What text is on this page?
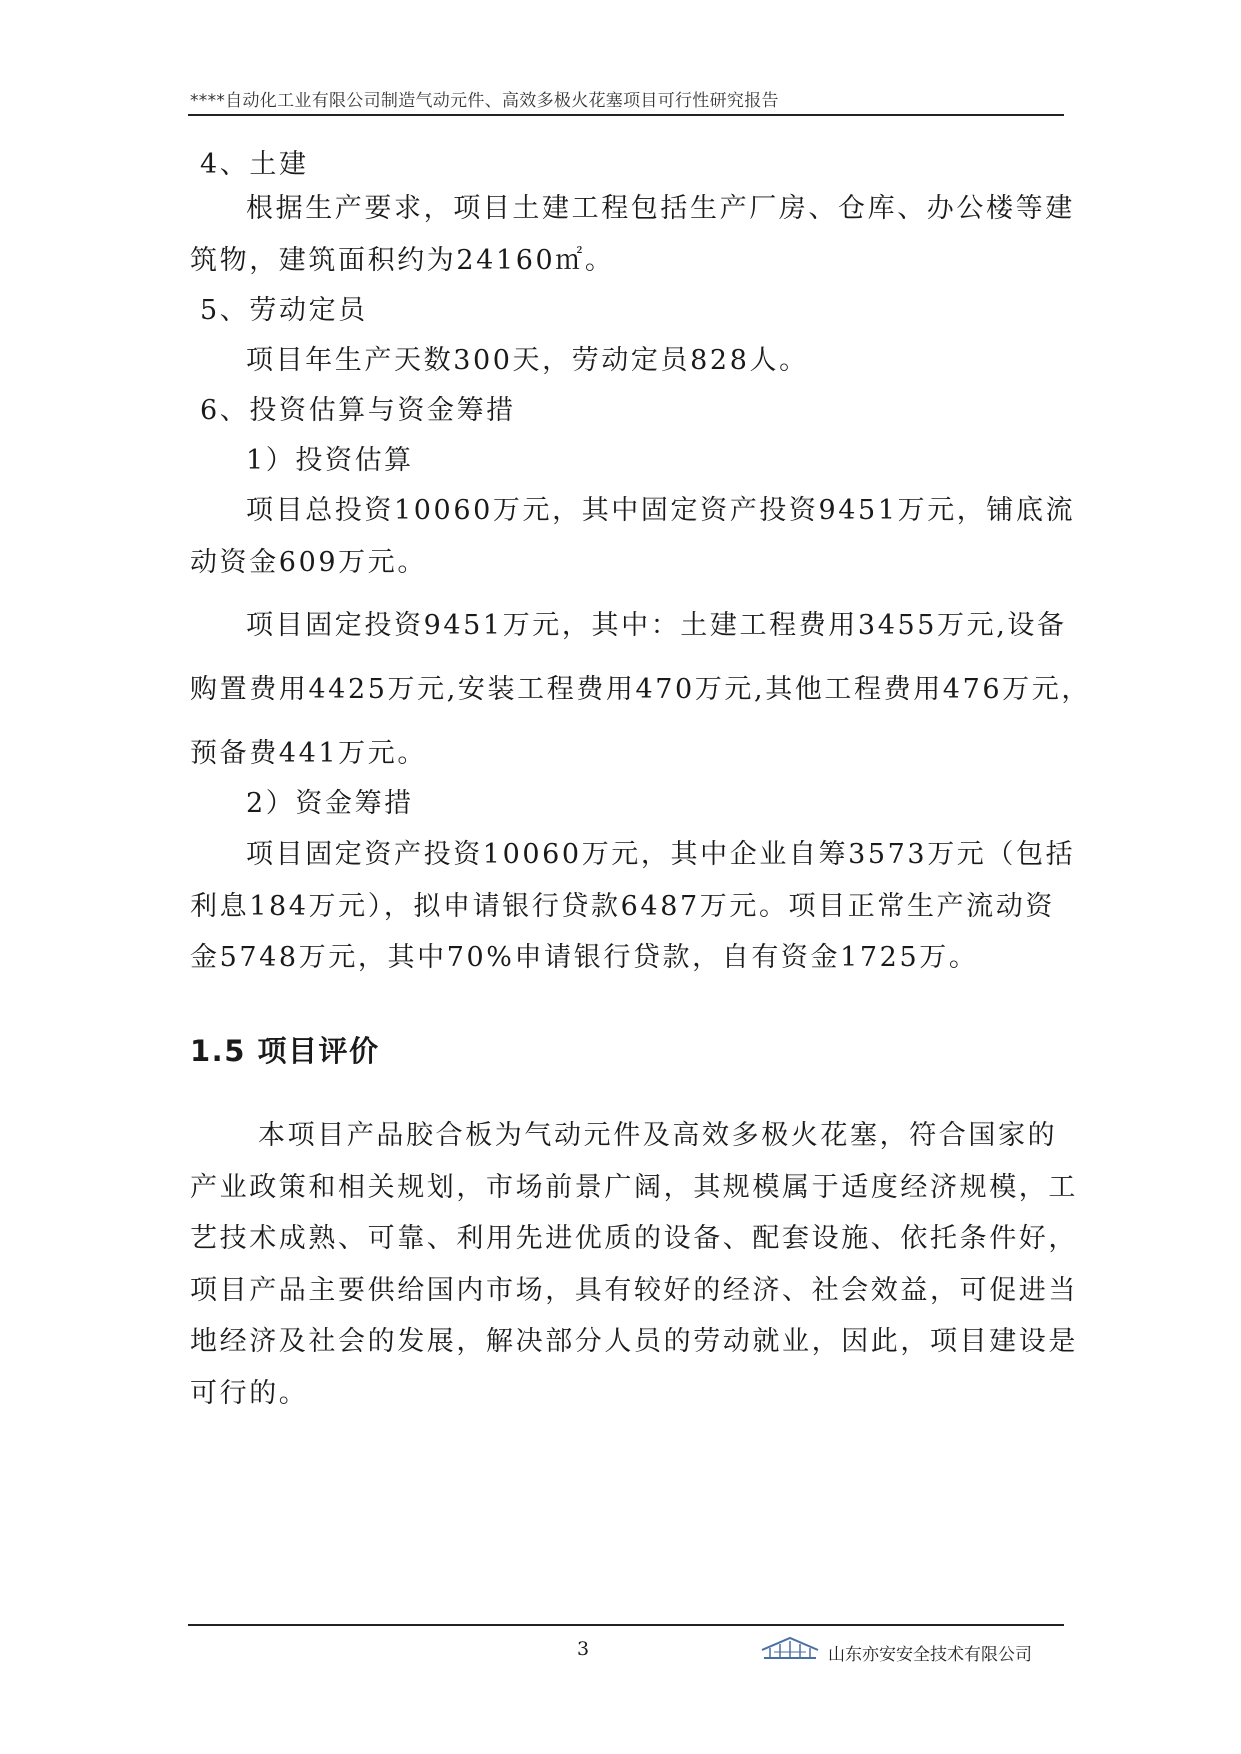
****自动化工业有限公司制造气动元件、高效多极火花塞项目可行性研究报告
4、土建
根据生产要求，项目土建工程包括生产厂房、仓库、办公楼等建
筑物，建筑面积约为24160㎡。
5、劳动定员
项目年生产天数300天，劳动定员828人。
6、投资估算与资金筹措
1）投资估算
项目总投资10060万元，其中固定资产投资9451万元，铺底流
动资金609万元。
项目固定投资9451万元，其中：土建工程费用3455万元,设备
购置费用4425万元,安装工程费用470万元,其他工程费用476万元，
预备费441万元。
2）资金筹措
项目固定资产投资10060万元，其中企业自筹3573万元（包括
利息184万元），拟申请银行贷款6487万元。项目正常生产流动资
金5748万元，其中70%申请银行贷款，自有资金1725万。
1.5 项目评价
本项目产品胶合板为气动元件及高效多极火花塞，符合国家的
产业政策和相关规划，市场前景广阔，其规模属于适度经济规模，工
艺技术成熟、可靠、利用先进优质的设备、配套设施、依托条件好，
项目产品主要供给国内市场，具有较好的经济、社会效益，可促进当
地经济及社会的发展，解决部分人员的劳动就业，因此，项目建设是
可行的。
3	山东亦安安全技术有限公司
